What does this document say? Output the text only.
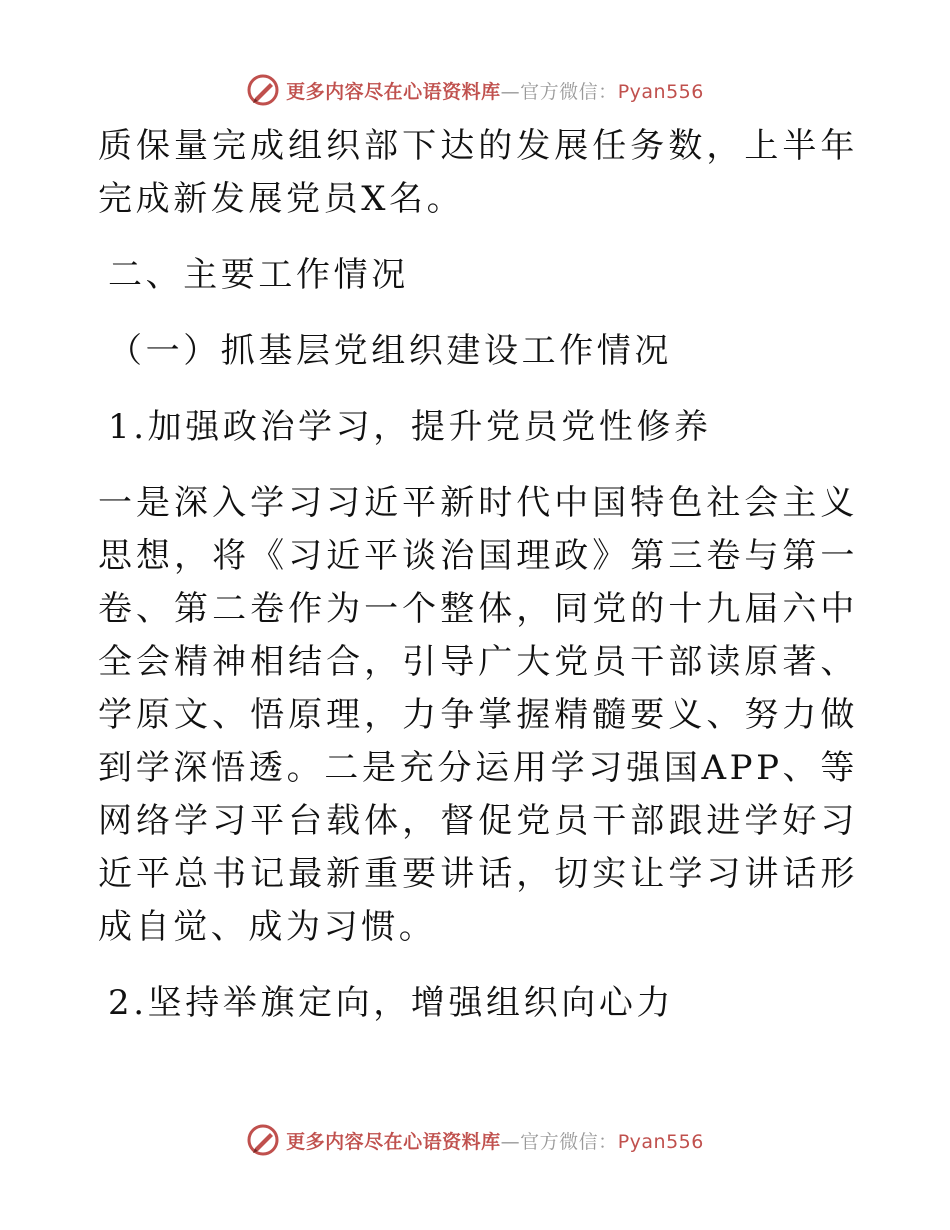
更多内容尽在心语资料库—官方微信：Pyan556

质保量完成组织部下达的发展任务数，上半年完成新发展党员X名。

二、主要工作情况

（一）抓基层党组织建设工作情况

1.加强政治学习，提升党员党性修养

一是深入学习习近平新时代中国特色社会主义思想，将《习近平谈治国理政》第三卷与第一卷、第二卷作为一个整体，同党的十九届六中全会精神相结合，引导广大党员干部读原著、学原文、悟原理，力争掌握精髓要义、努力做到学深悟透。二是充分运用学习强国APP、等网络学习平台载体，督促党员干部跟进学好习近平总书记最新重要讲话，切实让学习讲话形成自觉、成为习惯。

2.坚持举旗定向，增强组织向心力

更多内容尽在心语资料库—官方微信：Pyan556
